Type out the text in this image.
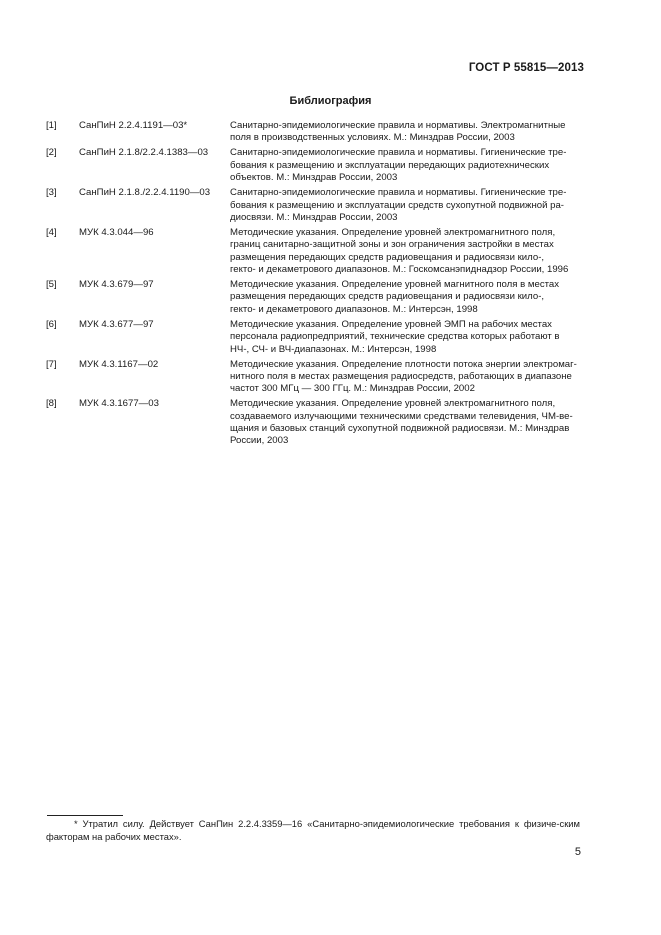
ГОСТ Р 55815—2013
Библиография
[1]	СанПиН 2.2.4.1191—03*	Санитарно-эпидемиологические правила и нормативы. Электромагнитные
поля в производственных условиях. М.: Минздрав России, 2003
[2]	СанПиН 2.1.8/2.2.4.1383—03	Санитарно-эпидемиологические правила и нормативы. Гигиенические тре-
бования к размещению и эксплуатации передающих радиотехнических
объектов. М.: Минздрав России, 2003
[3]	СанПиН 2.1.8./2.2.4.1190—03	Санитарно-эпидемиологические правила и нормативы. Гигиенические тре-
бования к размещению и эксплуатации средств сухопутной подвижной ра-
диосвязи. М.: Минздрав России, 2003
[4]	МУК 4.3.044—96	Методические указания. Определение уровней электромагнитного поля,
границ санитарно-защитной зоны и зон ограничения застройки в местах
размещения передающих средств радиовещания и радиосвязи кило-,
гекто- и декаметрового диапазонов. М.: Госкомсанэпиднадзор России, 1996
[5]	МУК 4.3.679—97	Методические указания. Определение уровней магнитного поля в местах
размещения передающих средств радиовещания и радиосвязи кило-,
гекто- и декаметрового диапазонов. М.: Интерсэн, 1998
[6]	МУК 4.3.677—97	Методические указания. Определение уровней ЭМП на рабочих местах
персонала радиопредприятий, технические средства которых работают в
НЧ-, СЧ- и ВЧ-диапазонах. М.: Интерсэн, 1998
[7]	МУК 4.3.1167—02	Методические указания. Определение плотности потока энергии электромаг-
нитного поля в местах размещения радиосредств, работающих в диапазоне
частот 300 МГц — 300 ГГц. М.: Минздрав России, 2002
[8]	МУК 4.3.1677—03	Методические указания. Определение уровней электромагнитного поля,
создаваемого излучающими техническими средствами телевидения, ЧМ-ве-
щания и базовых станций сухопутной подвижной радиосвязи. М.: Минздрав
России, 2003
* Утратил силу. Действует СанПин 2.2.4.3359—16 «Санитарно-эпидемиологические требования к физиче-ским факторам на рабочих местах».
5
